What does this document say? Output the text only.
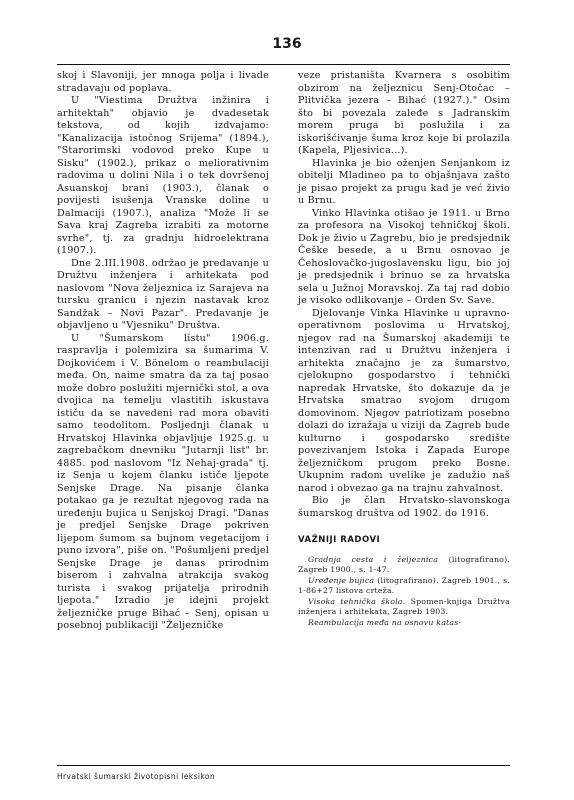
136

skoj i Slavoniji, jer mnoga polja i livade stradavaju od poplava.

U "Viestima Družtva inžinira i arhitektah" objavio je dvadesetak tekstova, od kojih izdvajamo: "Kanalizacija istočnog Srijema" (1894.), "Starorimski vodovod preko Kupe u Sisku" (1902.), prikaz o meliorativnim radovima u dolini Nila i o tek dovršenoj Asuanskoj brani (1903.), članak o povijesti isušenja Vranske doline u Dalmaciji (1907.), analiza "Može li se Sava kraj Zagreba izrabiti za motorne svrhe", tj. za gradnju hidroelektrana (1907.).

Dne 2.III.1908. održao je predavanje u Družtvu inženjera i arhitekata pod naslovom "Nova željeznica iz Sarajeva na tursku granicu i njezin nastavak kroz Sandžak – Novi Pazar". Predavanje je objavljeno u "Vjesniku" Društva.

U "Šumarskom listu" 1906.g. raspravlja i polemizira sa šumarima V. Dojkovićem i V. Bönelom o reambulaciji međa. On, naime smatra da za taj posao može dobro poslužiti mjernički stol, a ova dvojica na temelju vlastitih iskustava ističu da se navedeni rad mora obaviti samo teodolitom. Posljednji članak u Hrvatskoj Hlavinka objavljuje 1925.g. u zagrebačkom dnevniku "Jutarnji list" br. 4885. pod naslovom "Iz Nehaj-grada" tj. iz Senja u kojem članku ističe ljepote Senjske Drage. Na pisanje članka potakao ga je rezultat njegovog rada na uređenju bujica u Senjskoj Dragi. "Danas je predjel Senjske Drage pokriven lijepom šumom sa bujnom vegetacijom i puno izvora", piše on. "Pošumljeni predjel Senjske Drage je danas prirodnim biserom i zahvalna atrakcija svakog turista i svakog prijatelja prirodnih ljepota." Izradio je idejni projekt željezničke pruge Bihać – Senj, opisan u posebnoj publikaciji "Željezničke

veze pristaništa Kvarnera s osobitim obzirom na željeznicu Senj-Otočac – Plitvička jezera – Bihać (1927.)." Osim što bi povezala zaleđe s Jadranskim morem pruga bi poslužila i za iskorišćivanje šuma kroz koje bi prolazila (Kapela, Pljesivica...).

Hlavinka je bio oženjen Senjankom iz obitelji Mladineo pa to objašnjava zašto je pisao projekt za prugu kad je već živio u Brnu.

Vinko Hlavinka otišao je 1911. u Brno za profesora na Visokoj tehničkoj školi. Dok je živio u Zagrebu, bio je predsjednik Češke besede, a u Brnu osnovao je Čehoslovačko-jugoslavensku ligu, bio joj je predsjednik i brinuo se za hrvatska sela u Južnoj Moravskoj. Za taj rad dobio je visoko odlikovanje – Orden Sv. Save.

Djelovanje Vinka Hlavinke u upravno-operativnom poslovima u Hrvatskoj, njegov rad na Šumarskoj akademiji te intenzivan rad u Družtvu inženjera i arhitekta značajno je za šumarstvo, cjelokupno gospodarstvo i tehnički napredak Hrvatske, što dokazuje da je Hrvatska smatrao svojom drugom domovinom. Njegov patriotizam posebno dolazi do izražaja u viziji da Zagreb bude kulturno i gospodarsko središte povezivanjem Istoka i Zapada Europe željezničkom prugom preko Bosne. Ukupnim radom uvelike je zadužio naš narod i obvezao ga na trajnu zahvalnost.

Bio je član Hrvatsko-slavonskoga šumarskog društva od 1902. do 1916.

VAŽNIJI RADOVI

Gradnja cesta i željeznica (litografirano). Zagreb 1900., s. 1-47.

Uređenje bujica (litografirano). Zagreb 1901., s. 1-86+27 listova crteža.

Visoka tehnička škola. Spomen-knjiga Družtva inženjera i arhitekata, Zagreb 1903.

Reambulacija međa na osnovu katas-

Hrvatski šumarski životopisni leksikon
